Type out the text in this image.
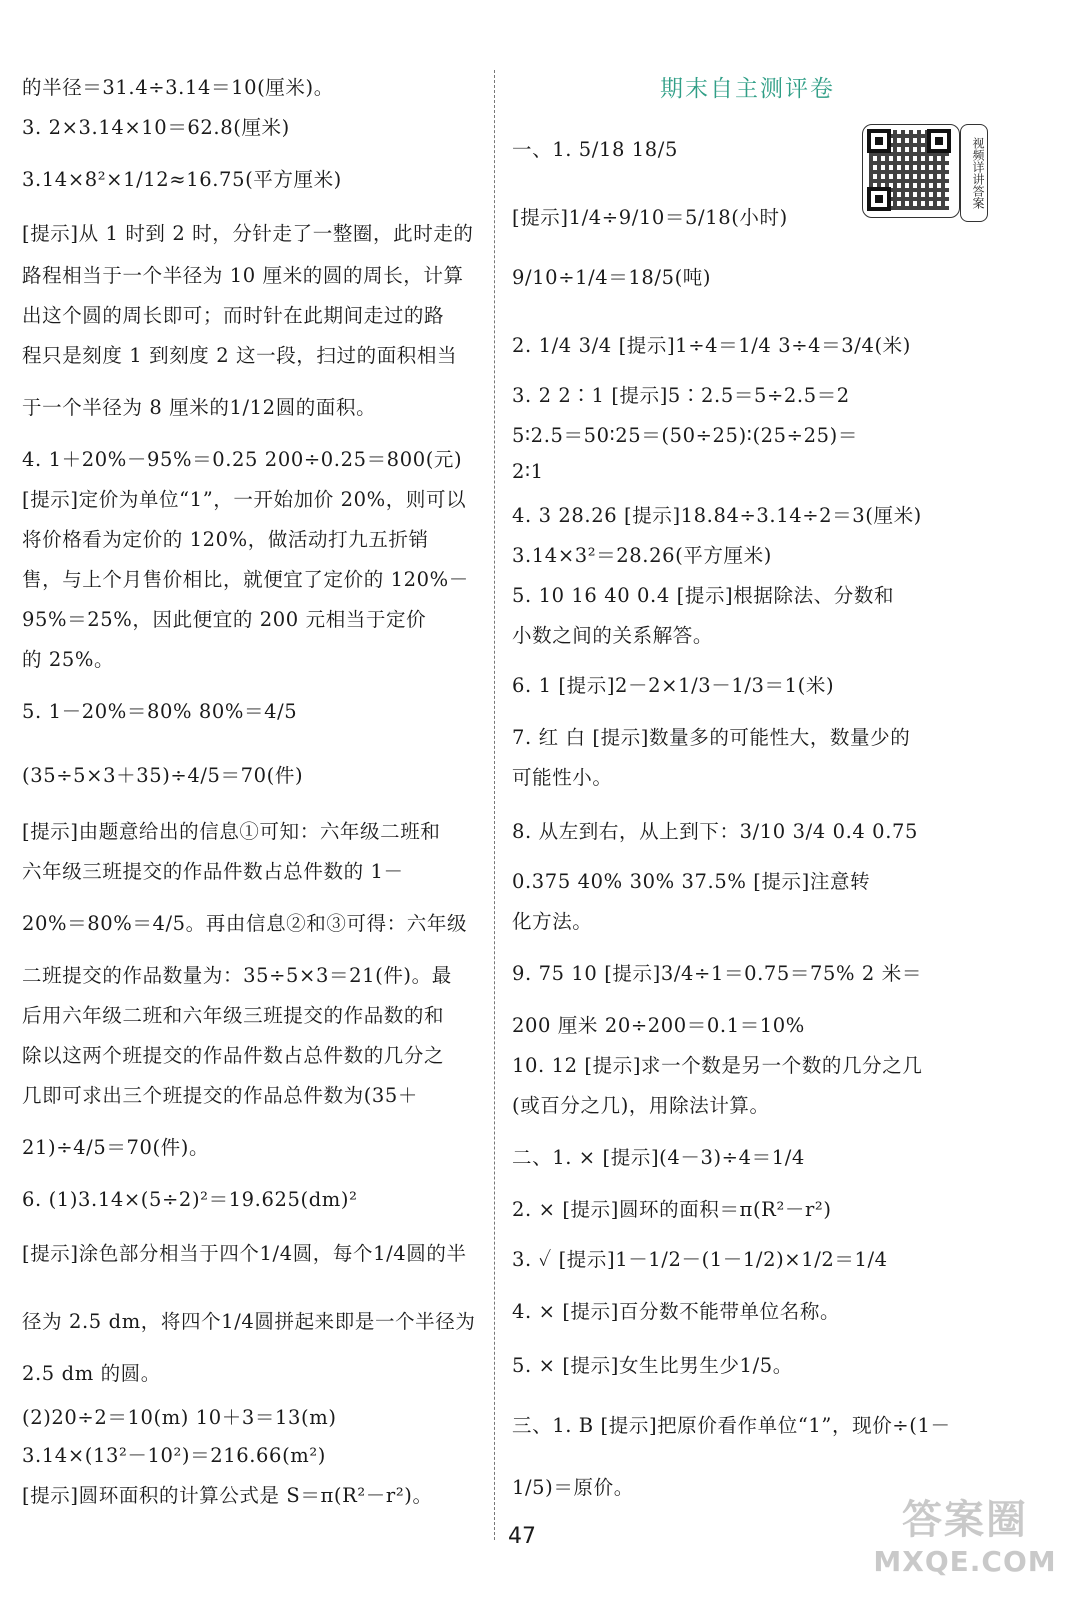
的半径＝31.4÷3.14＝10(厘米)。
3. 2×3.14×10＝62.8(厘米)
3.14×8²×1/12≈16.75(平方厘米)
[提示]从 1 时到 2 时，分针走了一整圈，此时走的
路程相当于一个半径为 10 厘米的圆的周长，计算
出这个圆的周长即可；而时针在此期间走过的路
程只是刻度 1 到刻度 2 这一段，扫过的面积相当
于一个半径为 8 厘米的1/12圆的面积。
4. 1＋20%－95%＝0.25 200÷0.25＝800(元)
[提示]定价为单位“1”，一开始加价 20%，则可以
将价格看为定价的 120%，做活动打九五折销
售，与上个月售价相比，就便宜了定价的 120%－
95%＝25%，因此便宜的 200 元相当于定价
的 25%。
5. 1－20%＝80% 80%＝4/5
(35÷5×3＋35)÷4/5＝70(件)
[提示]由题意给出的信息①可知：六年级二班和
六年级三班提交的作品件数占总件数的 1－
20%＝80%＝4/5。再由信息②和③可得：六年级
二班提交的作品数量为：35÷5×3＝21(件)。最
后用六年级二班和六年级三班提交的作品数的和
除以这两个班提交的作品件数占总件数的几分之
几即可求出三个班提交的作品总件数为(35＋
21)÷4/5＝70(件)。
6. (1)3.14×(5÷2)²＝19.625(dm)²
[提示]涂色部分相当于四个1/4圆，每个1/4圆的半
径为 2.5 dm，将四个1/4圆拼起来即是一个半径为
2.5 dm 的圆。
(2)20÷2＝10(m) 10＋3＝13(m)
3.14×(13²－10²)＝216.66(m²)
[提示]圆环面积的计算公式是 S＝π(R²－r²)。
期末自主测评卷
视频详讲答案
一、1. 5/18 18/5
[提示]1/4÷9/10＝5/18(小时)
9/10÷1/4＝18/5(吨)
2. 1/4 3/4 [提示]1÷4＝1/4 3÷4＝3/4(米)
3. 2 2∶1 [提示]5∶2.5＝5÷2.5＝2
5∶2.5＝50∶25＝(50÷25)∶(25÷25)＝
2∶1
4. 3 28.26 [提示]18.84÷3.14÷2＝3(厘米)
3.14×3²＝28.26(平方厘米)
5. 10 16 40 0.4 [提示]根据除法、分数和
小数之间的关系解答。
6. 1 [提示]2－2×1/3－1/3＝1(米)
7. 红 白 [提示]数量多的可能性大，数量少的
可能性小。
8. 从左到右，从上到下：3/10 3/4 0.4 0.75
0.375 40% 30% 37.5% [提示]注意转
化方法。
9. 75 10 [提示]3/4÷1＝0.75＝75% 2 米＝
200 厘米 20÷200＝0.1＝10%
10. 12 [提示]求一个数是另一个数的几分之几
(或百分之几)，用除法计算。
二、1. × [提示](4－3)÷4＝1/4
2. × [提示]圆环的面积＝π(R²－r²)
3. ✓ [提示]1－1/2－(1－1/2)×1/2＝1/4
4. × [提示]百分数不能带单位名称。
5. × [提示]女生比男生少1/5。
三、1. B [提示]把原价看作单位“1”，现价÷(1－
1/5)＝原价。
47	答案圈
MXQE.COM
